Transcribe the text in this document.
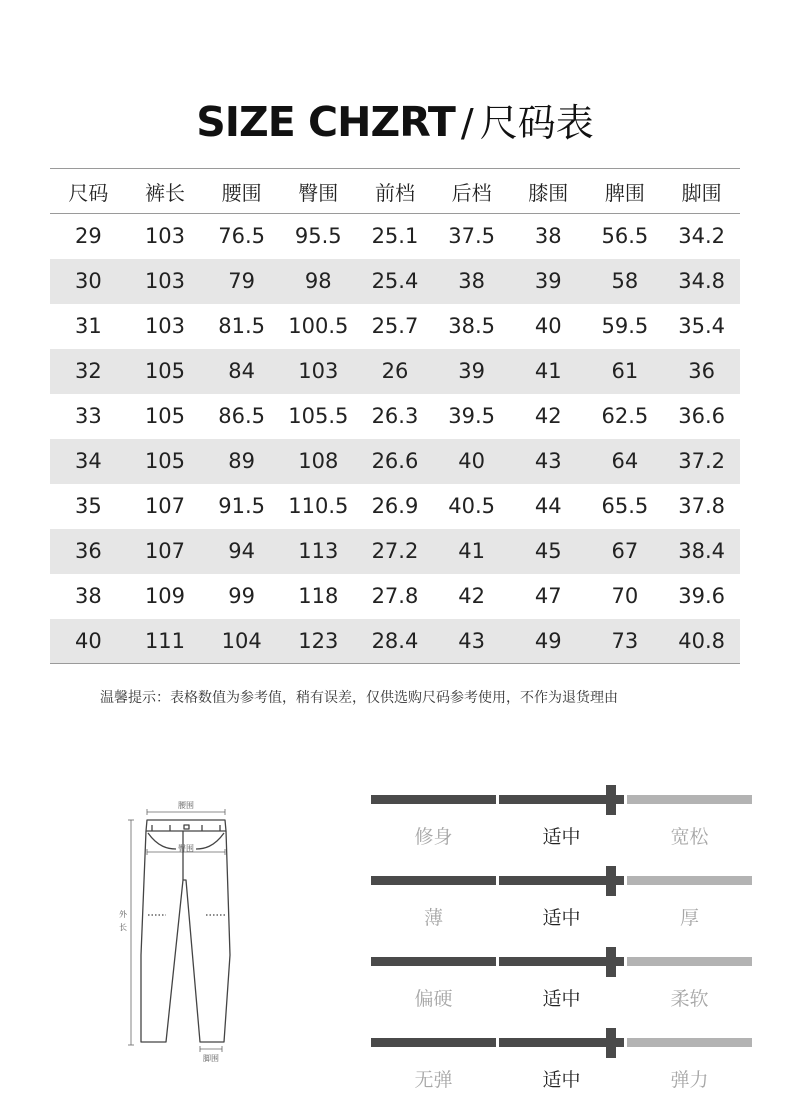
SIZE CHZRT / 尺码表
尺码	裤长	腰围	臀围	前档	后档	膝围	脾围	脚围
29	103	76.5	95.5	25.1	37.5	38	56.5	34.2
30	103	79	98	25.4	38	39	58	34.8
31	103	81.5	100.5	25.7	38.5	40	59.5	35.4
32	105	84	103	26	39	41	61	36
33	105	86.5	105.5	26.3	39.5	42	62.5	36.6
34	105	89	108	26.6	40	43	64	37.2
35	107	91.5	110.5	26.9	40.5	44	65.5	37.8
36	107	94	113	27.2	41	45	67	38.4
38	109	99	118	27.8	42	47	70	39.6
40	111	104	123	28.4	43	49	73	40.8
温馨提示：表格数值为参考值，稍有误差，仅供选购尺码参考使用，不作为退货理由
腰围
臀围
外
长
脚围
修身	适中	宽松
薄	适中	厚
偏硬	适中	柔软
无弹	适中	弹力
